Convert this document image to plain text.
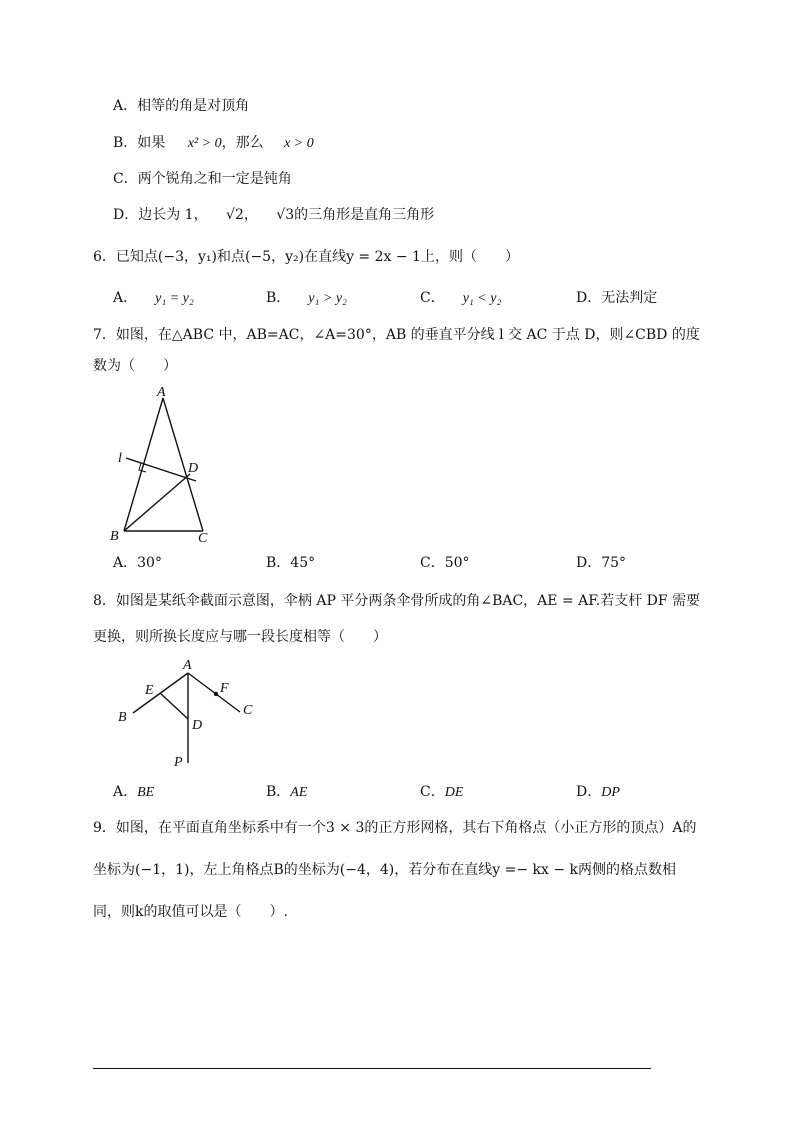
A．相等的角是对顶角
B．如果 x² > 0，那么 x > 0
C．两个锐角之和一定是钝角
D．边长为 1， √2， √3的三角形是直角三角形
6．已知点(−3，y₁)和点(−5，y₂)在直线y = 2x − 1上，则（　　）
A． y₁ = y₂	B． y₁ > y₂	C． y₁ < y₂	D．无法判定
7．如图，在△ABC 中，AB=AC，∠A=30°，AB 的垂直平分线 l 交 AC 于点 D，则∠CBD 的度
数为（　　）
A
B	C
D
l
A．30°	B．45°	C．50°	D．75°
8．如图是某纸伞截面示意图，伞柄 AP 平分两条伞骨所成的角∠BAC，AE = AF.若支杆 DF 需要
更换，则所换长度应与哪一段长度相等（　　）
A
B	C
D
E	F
P
A．BE	B．AE	C．DE	D．DP
9．如图，在平面直角坐标系中有一个3 × 3的正方形网格，其右下角格点（小正方形的顶点）A的
坐标为(−1，1)，左上角格点B的坐标为(−4，4)，若分布在直线y =− kx − k两侧的格点数相
同，则k的取值可以是（　　）.
